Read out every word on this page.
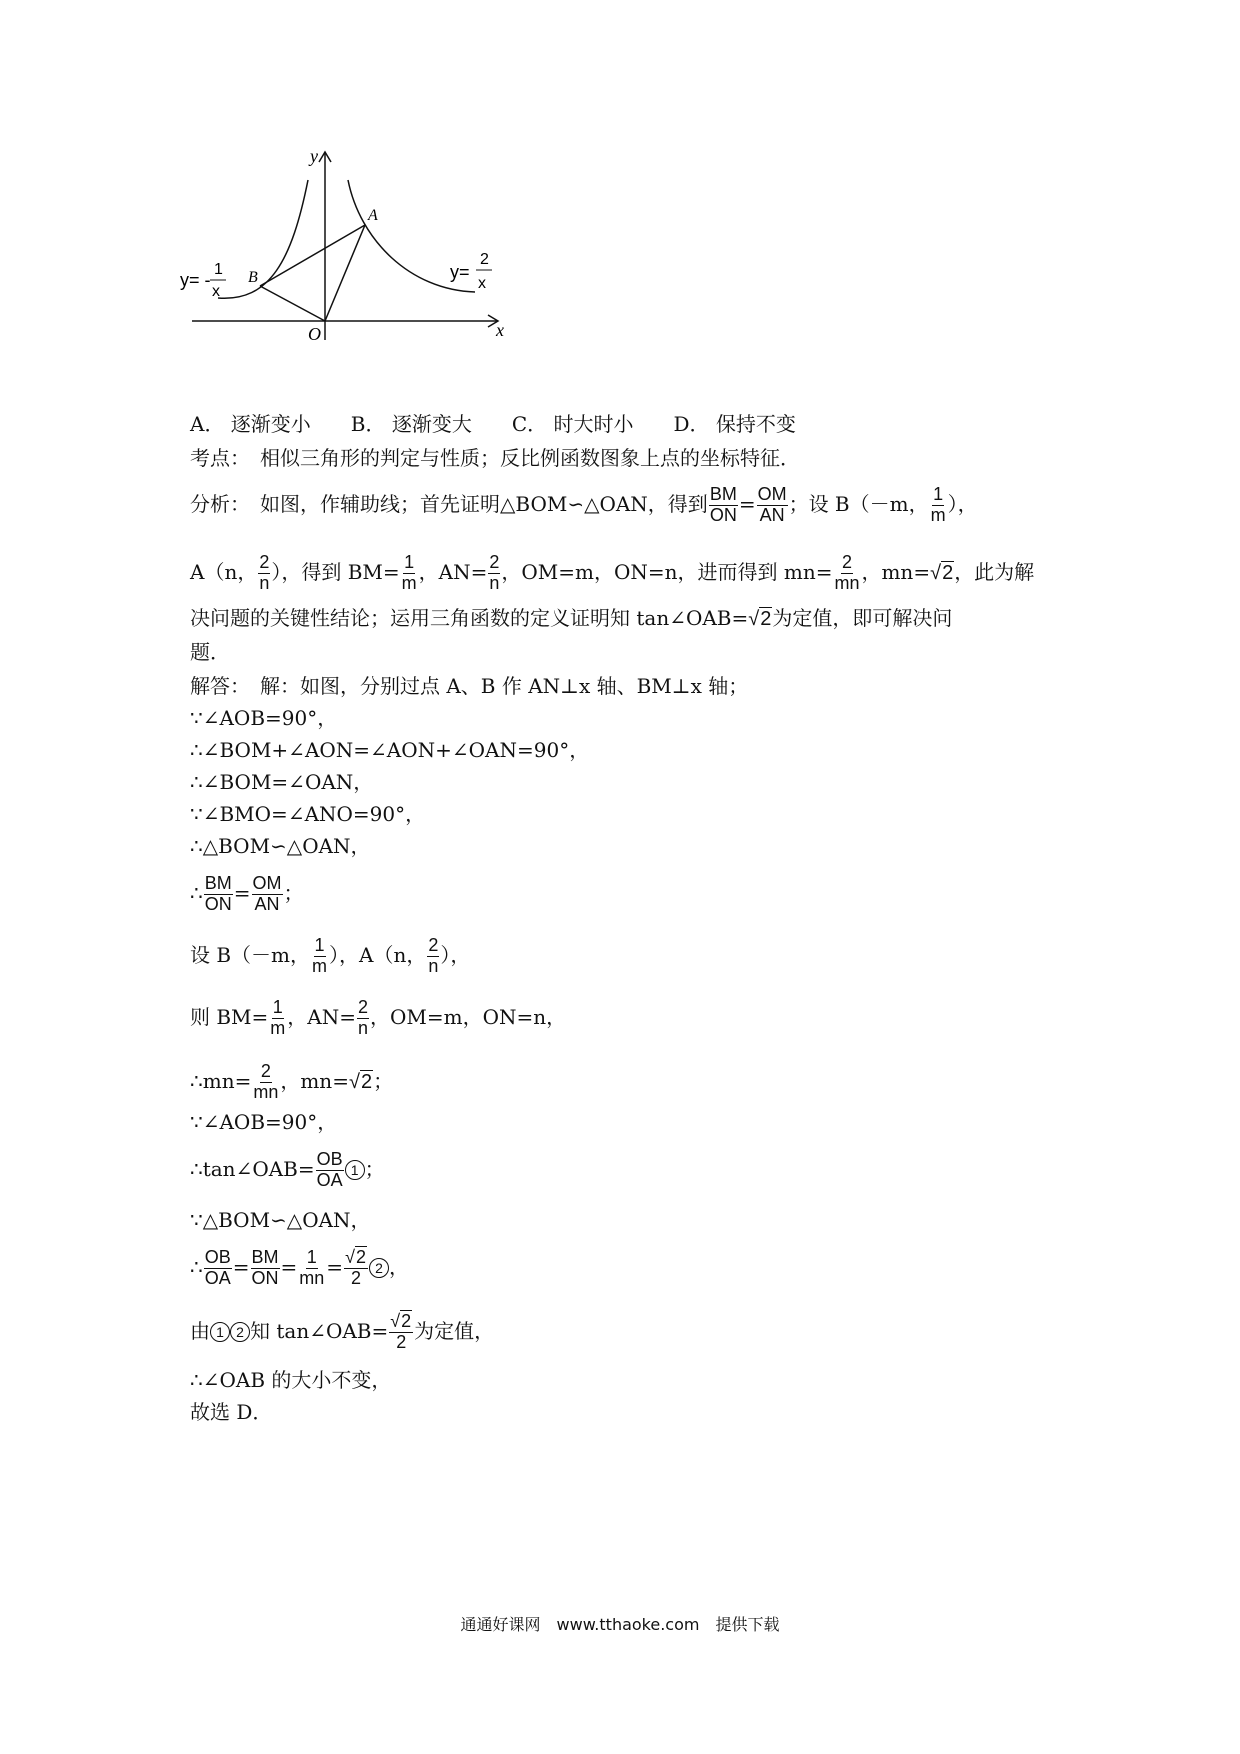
y
x
O
A
B
y= -
1
x
y=
2
x
A． 逐渐变小　　B． 逐渐变大　　C． 时大时小　　D． 保持不变
考点：　相似三角形的判定与性质；反比例函数图象上点的坐标特征．
分析：　如图，作辅助线；首先证明△BOM∽△OAN，得到 $\frac{BM}{ON} = \frac{OM}{AN}$ ；设 B（－m， $\frac{1}{m}$ ），
A（n， $\frac{2}{n}$ ），得到 $BM= \frac{1}{m}$ ，$AN= \frac{2}{n}$ ，OM=m，ON=n，进而得到 $mn= \frac{2}{mn}$ ，mn=√2，此为解
决问题的关键性结论；运用三角函数的定义证明知 tan∠OAB=√2为定值，即可解决问
题．
解答：　解：如图，分别过点 A、B 作 AN⊥x 轴、BM⊥x 轴；
∵∠AOB=90°，
∴∠BOM+∠AON=∠AON+∠OAN=90°，
∴∠BOM=∠OAN，
∵∠BMO=∠ANO=90°，
∴△BOM∽△OAN，
∴ $\frac{BM}{ON} = \frac{OM}{AN}$ ；
设 B（－m， $\frac{1}{m}$ ），A（n， $\frac{2}{n}$ ），
则 $BM= \frac{1}{m}$ ，$AN= \frac{2}{n}$ ，OM=m，ON=n，
∴mn= $\frac{2}{mn}$ ，mn=√2；
∵∠AOB=90°，
∴tan∠OAB= $\frac{OB}{OA} 1$ ；
∵△BOM∽△OAN，
∴ $\frac{OB}{OA} = \frac{BM}{ON} = \frac{1}{mn} = \frac{√2}{2} 2$ ，
由 1 2 知 tan∠OAB= $\frac{√2}{2}$ 为定值，
∴∠OAB 的大小不变，
故选 D．
通通好课网　www.tthaoke.com　提供下载
